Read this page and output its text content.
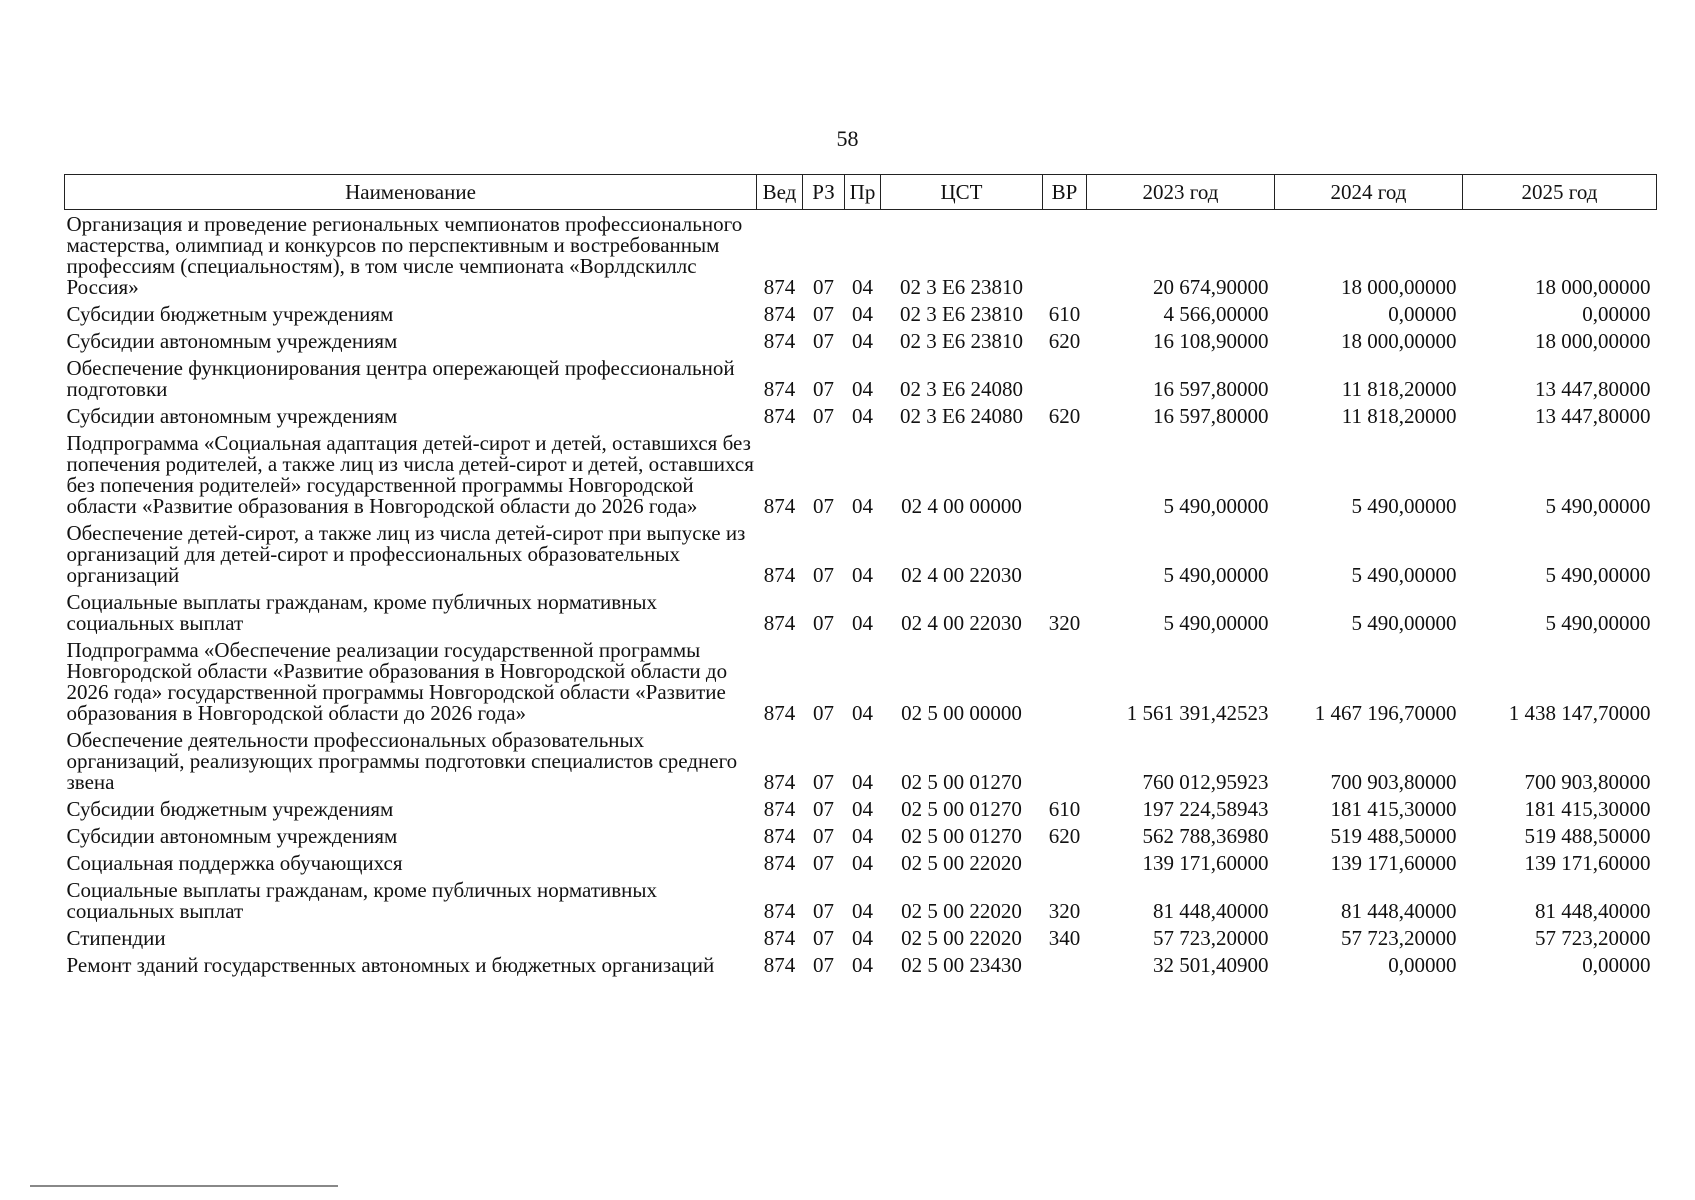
58
Наименование	Вед	РЗ	Пр	ЦСТ	ВР	2023 год	2024 год	2025 год
Организация и проведение региональных чемпионатов профессионального мастерства, олимпиад и конкурсов по перспективным и востребованным профессиям (специальностям), в том числе чемпионата «Ворлдскиллс Россия»	874	07	04	02 3 Е6 23810		20 674,90000	18 000,00000	18 000,00000
Субсидии бюджетным учреждениям	874	07	04	02 3 Е6 23810	610	4 566,00000	0,00000	0,00000
Субсидии автономным учреждениям	874	07	04	02 3 Е6 23810	620	16 108,90000	18 000,00000	18 000,00000
Обеспечение функционирования центра опережающей профессиональной подготовки	874	07	04	02 3 Е6 24080		16 597,80000	11 818,20000	13 447,80000
Субсидии автономным учреждениям	874	07	04	02 3 Е6 24080	620	16 597,80000	11 818,20000	13 447,80000
Подпрограмма «Социальная адаптация детей-сирот и детей, оставшихся без попечения родителей, а также лиц из числа детей-сирот и детей, оставшихся без попечения родителей» государственной программы Новгородской области «Развитие образования в Новгородской области до 2026 года»	874	07	04	02 4 00 00000		5 490,00000	5 490,00000	5 490,00000
Обеспечение детей-сирот, а также лиц из числа детей-сирот при выпуске из организаций для детей-сирот и профессиональных образовательных организаций	874	07	04	02 4 00 22030		5 490,00000	5 490,00000	5 490,00000
Социальные выплаты гражданам, кроме публичных нормативных социальных выплат	874	07	04	02 4 00 22030	320	5 490,00000	5 490,00000	5 490,00000
Подпрограмма «Обеспечение реализации государственной программы Новгородской области «Развитие образования в Новгородской области до 2026 года» государственной программы Новгородской области «Развитие образования в Новгородской области до 2026 года»	874	07	04	02 5 00 00000		1 561 391,42523	1 467 196,70000	1 438 147,70000
Обеспечение деятельности профессиональных образовательных организаций, реализующих программы подготовки специалистов среднего звена	874	07	04	02 5 00 01270		760 012,95923	700 903,80000	700 903,80000
Субсидии бюджетным учреждениям	874	07	04	02 5 00 01270	610	197 224,58943	181 415,30000	181 415,30000
Субсидии автономным учреждениям	874	07	04	02 5 00 01270	620	562 788,36980	519 488,50000	519 488,50000
Социальная поддержка обучающихся	874	07	04	02 5 00 22020		139 171,60000	139 171,60000	139 171,60000
Социальные выплаты гражданам, кроме публичных нормативных социальных выплат	874	07	04	02 5 00 22020	320	81 448,40000	81 448,40000	81 448,40000
Стипендии	874	07	04	02 5 00 22020	340	57 723,20000	57 723,20000	57 723,20000
Ремонт зданий государственных автономных и бюджетных организаций	874	07	04	02 5 00 23430		32 501,40900	0,00000	0,00000
